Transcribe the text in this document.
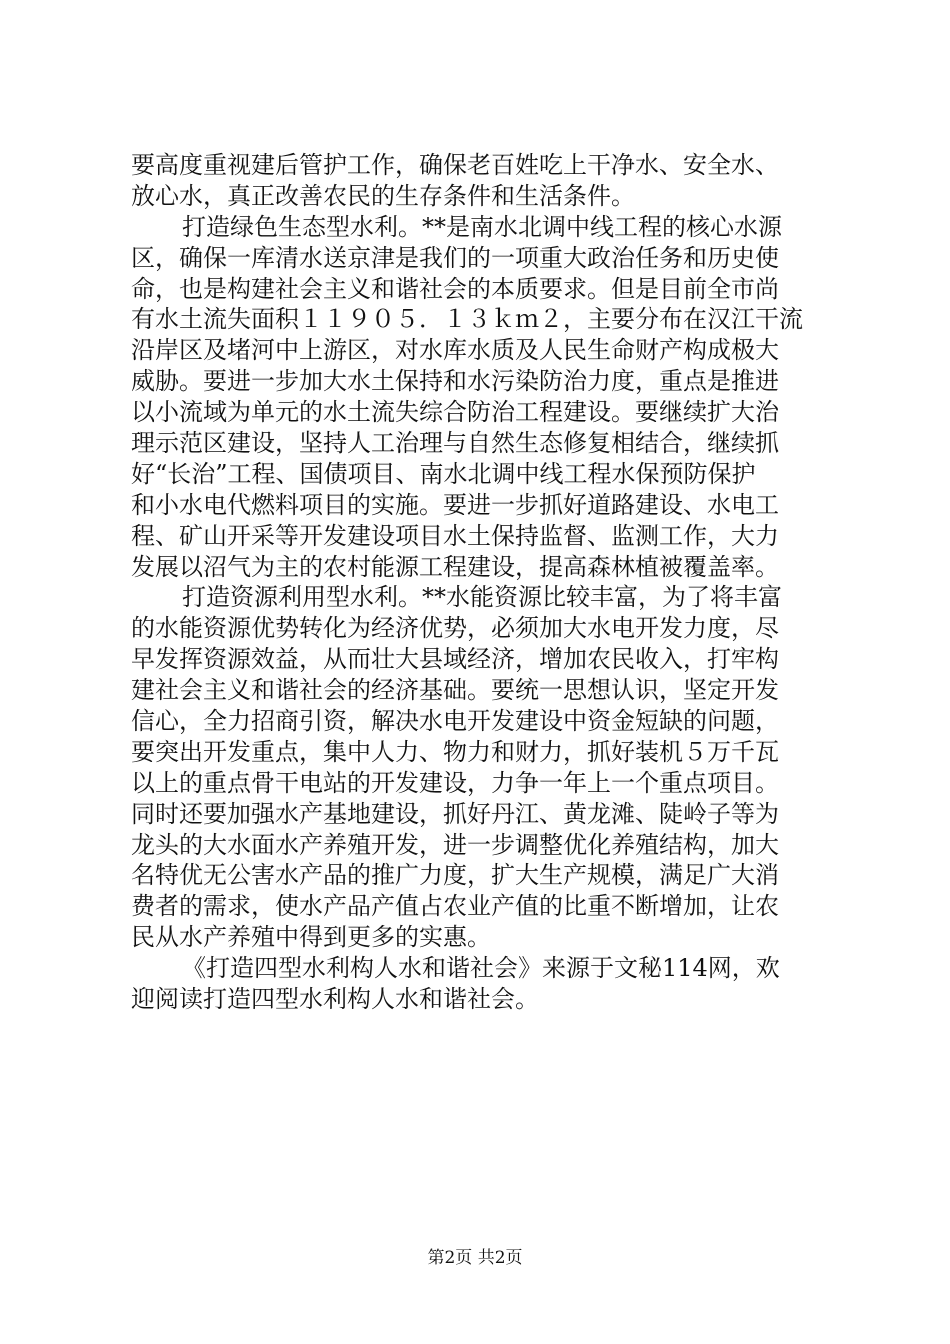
要高度重视建后管护工作，确保老百姓吃上干净水、安全水、
放心水，真正改善农民的生存条件和生活条件。
打造绿色生态型水利。**是南水北调中线工程的核心水源
区，确保一库清水送京津是我们的一项重大政治任务和历史使
命，也是构建社会主义和谐社会的本质要求。但是目前全市尚
有水土流失面积１１９０５．１３ｋｍ２，主要分布在汉江干流
沿岸区及堵河中上游区，对水库水质及人民生命财产构成极大
威胁。要进一步加大水土保持和水污染防治力度，重点是推进
以小流域为单元的水土流失综合防治工程建设。要继续扩大治
理示范区建设，坚持人工治理与自然生态修复相结合，继续抓
好“长治”工程、国债项目、南水北调中线工程水保预防保护
和小水电代燃料项目的实施。要进一步抓好道路建设、水电工
程、矿山开采等开发建设项目水土保持监督、监测工作，大力
发展以沼气为主的农村能源工程建设，提高森林植被覆盖率。
打造资源利用型水利。**水能资源比较丰富，为了将丰富
的水能资源优势转化为经济优势，必须加大水电开发力度，尽
早发挥资源效益，从而壮大县域经济，增加农民收入，打牢构
建社会主义和谐社会的经济基础。要统一思想认识，坚定开发
信心，全力招商引资，解决水电开发建设中资金短缺的问题，
要突出开发重点，集中人力、物力和财力，抓好装机５万千瓦
以上的重点骨干电站的开发建设，力争一年上一个重点项目。
同时还要加强水产基地建设，抓好丹江、黄龙滩、陡岭子等为
龙头的大水面水产养殖开发，进一步调整优化养殖结构，加大
名特优无公害水产品的推广力度，扩大生产规模，满足广大消
费者的需求，使水产品产值占农业产值的比重不断增加，让农
民从水产养殖中得到更多的实惠。
《打造四型水利构人水和谐社会》来源于文秘114网，欢
迎阅读打造四型水利构人水和谐社会。
第2页 共2页
